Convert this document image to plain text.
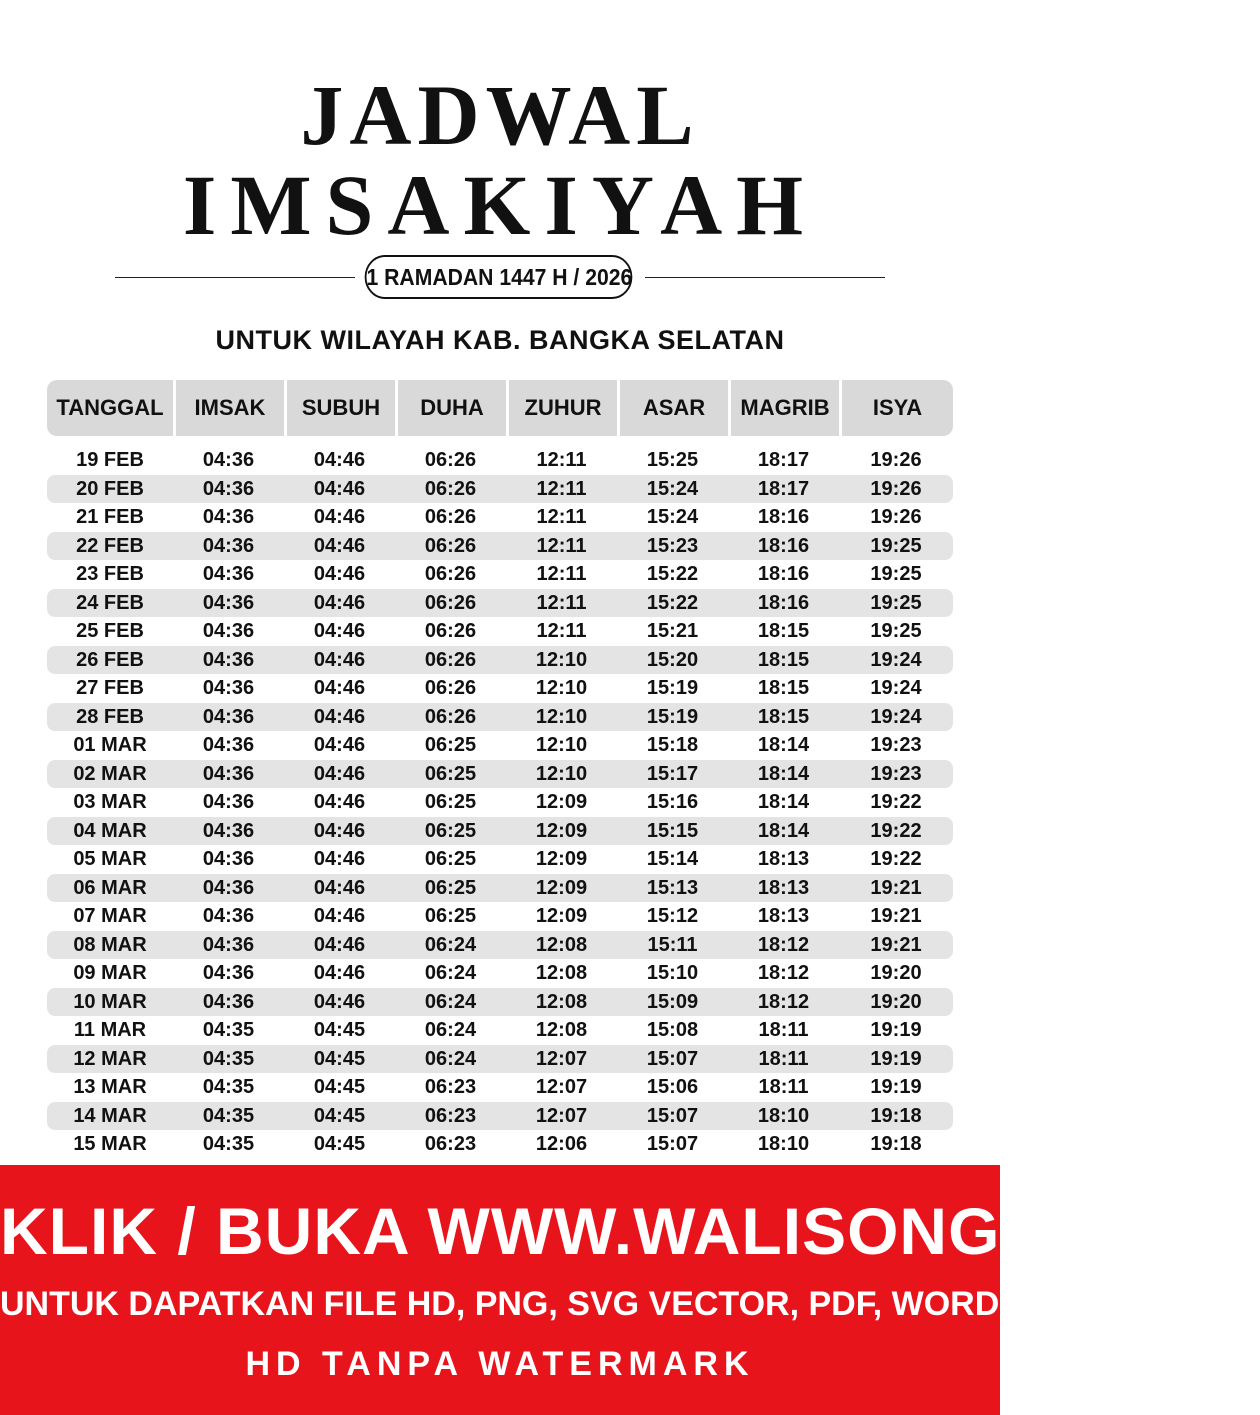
JADWAL
IMSAKIYAH
1 RAMADAN 1447 H / 2026
UNTUK WILAYAH KAB. BANGKA SELATAN
TANGGAL	IMSAK	SUBUH	DUHA	ZUHUR	ASAR	MAGRIB	ISYA
19 FEB	04:36	04:46	06:26	12:11	15:25	18:17	19:26
20 FEB	04:36	04:46	06:26	12:11	15:24	18:17	19:26
21 FEB	04:36	04:46	06:26	12:11	15:24	18:16	19:26
22 FEB	04:36	04:46	06:26	12:11	15:23	18:16	19:25
23 FEB	04:36	04:46	06:26	12:11	15:22	18:16	19:25
24 FEB	04:36	04:46	06:26	12:11	15:22	18:16	19:25
25 FEB	04:36	04:46	06:26	12:11	15:21	18:15	19:25
26 FEB	04:36	04:46	06:26	12:10	15:20	18:15	19:24
27 FEB	04:36	04:46	06:26	12:10	15:19	18:15	19:24
28 FEB	04:36	04:46	06:26	12:10	15:19	18:15	19:24
01 MAR	04:36	04:46	06:25	12:10	15:18	18:14	19:23
02 MAR	04:36	04:46	06:25	12:10	15:17	18:14	19:23
03 MAR	04:36	04:46	06:25	12:09	15:16	18:14	19:22
04 MAR	04:36	04:46	06:25	12:09	15:15	18:14	19:22
05 MAR	04:36	04:46	06:25	12:09	15:14	18:13	19:22
06 MAR	04:36	04:46	06:25	12:09	15:13	18:13	19:21
07 MAR	04:36	04:46	06:25	12:09	15:12	18:13	19:21
08 MAR	04:36	04:46	06:24	12:08	15:11	18:12	19:21
09 MAR	04:36	04:46	06:24	12:08	15:10	18:12	19:20
10 MAR	04:36	04:46	06:24	12:08	15:09	18:12	19:20
11 MAR	04:35	04:45	06:24	12:08	15:08	18:11	19:19
12 MAR	04:35	04:45	06:24	12:07	15:07	18:11	19:19
13 MAR	04:35	04:45	06:23	12:07	15:06	18:11	19:19
14 MAR	04:35	04:45	06:23	12:07	15:07	18:10	19:18
15 MAR	04:35	04:45	06:23	12:06	15:07	18:10	19:18
KLIK / BUKA WWW.WALISONGO.CO.ID
UNTUK DAPATKAN FILE HD, PNG, SVG VECTOR, PDF, WORD, EXCEL
HD TANPA WATERMARK
